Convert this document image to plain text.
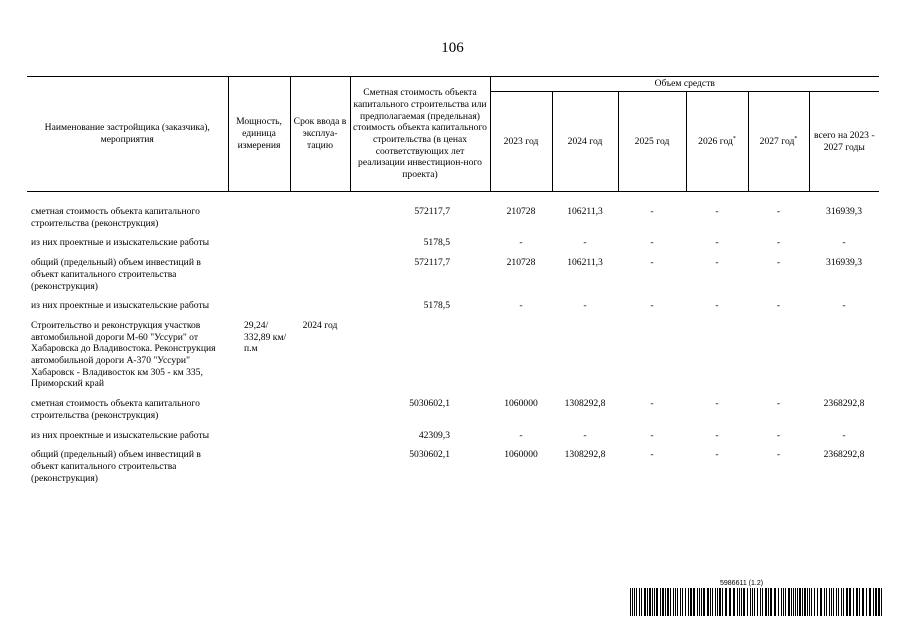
106
Наименование застройщика (заказчика), мероприятия	Мощность, единица измерения	Срок ввода в эксплуа-тацию	Сметная стоимость объекта капитального строительства или предполагаемая (предельная) стоимость объекта капитального строительства (в ценах соответствующих лет реализации инвестицион-ного проекта)	Объем средств					
				2023 год	2024 год	2025 год	2026 год*	2027 год*	всего на 2023 - 2027 годы
сметная стоимость объекта капитального строительства (реконструкция)			572117,7	210728	106211,3	-	-	-	316939,3
из них проектные и изыскательские работы			5178,5	-	-	-	-	-	-
общий (предельный) объем инвестиций в объект капитального строительства (реконструкция)			572117,7	210728	106211,3	-	-	-	316939,3
из них проектные и изыскательские работы			5178,5	-	-	-	-	-	-
Строительство и реконструкция участков автомобильной дороги М-60 "Уссури" от Хабаровска до Владивостока. Реконструкция автомобильной дороги А-370 "Уссури" Хабаровск - Владивосток км 305 - км 335, Приморский край	29,24/ 332,89 км/п.м	2024 год							
сметная стоимость объекта капитального строительства (реконструкция)			5030602,1	1060000	1308292,8	-	-	-	2368292,8
из них проектные и изыскательские работы			42309,3	-	-	-	-	-	-
общий (предельный) объем инвестиций в объект капитального строительства (реконструкция)			5030602,1	1060000	1308292,8	-	-	-	2368292,8
5986611 (1.2)
